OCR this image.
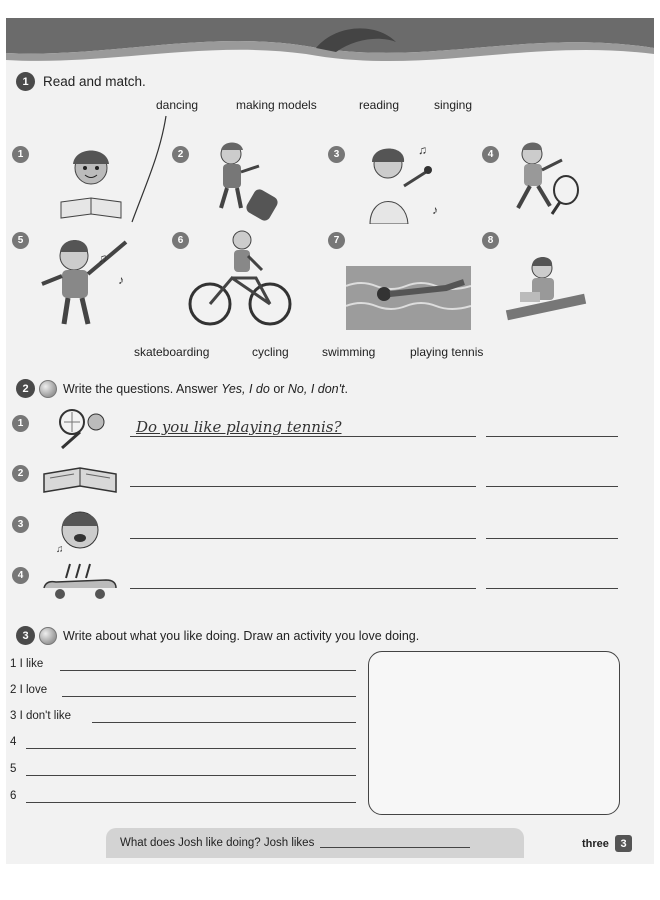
1	Read and match.
dancing	making models	reading	singing
1	2	3	♫
♪
4
5
♫
♪
6	7	8
skateboarding	cycling	swimming	playing tennis
2	Write the questions. Answer Yes, I do or No, I don't.
1	Do you like playing tennis?
2
3
♫
4
3	Write about what you like doing. Draw an activity you love doing.
1
I like
2
I love
3
I don't like
4
5
6
What does Josh like doing? Josh likes	three	3
